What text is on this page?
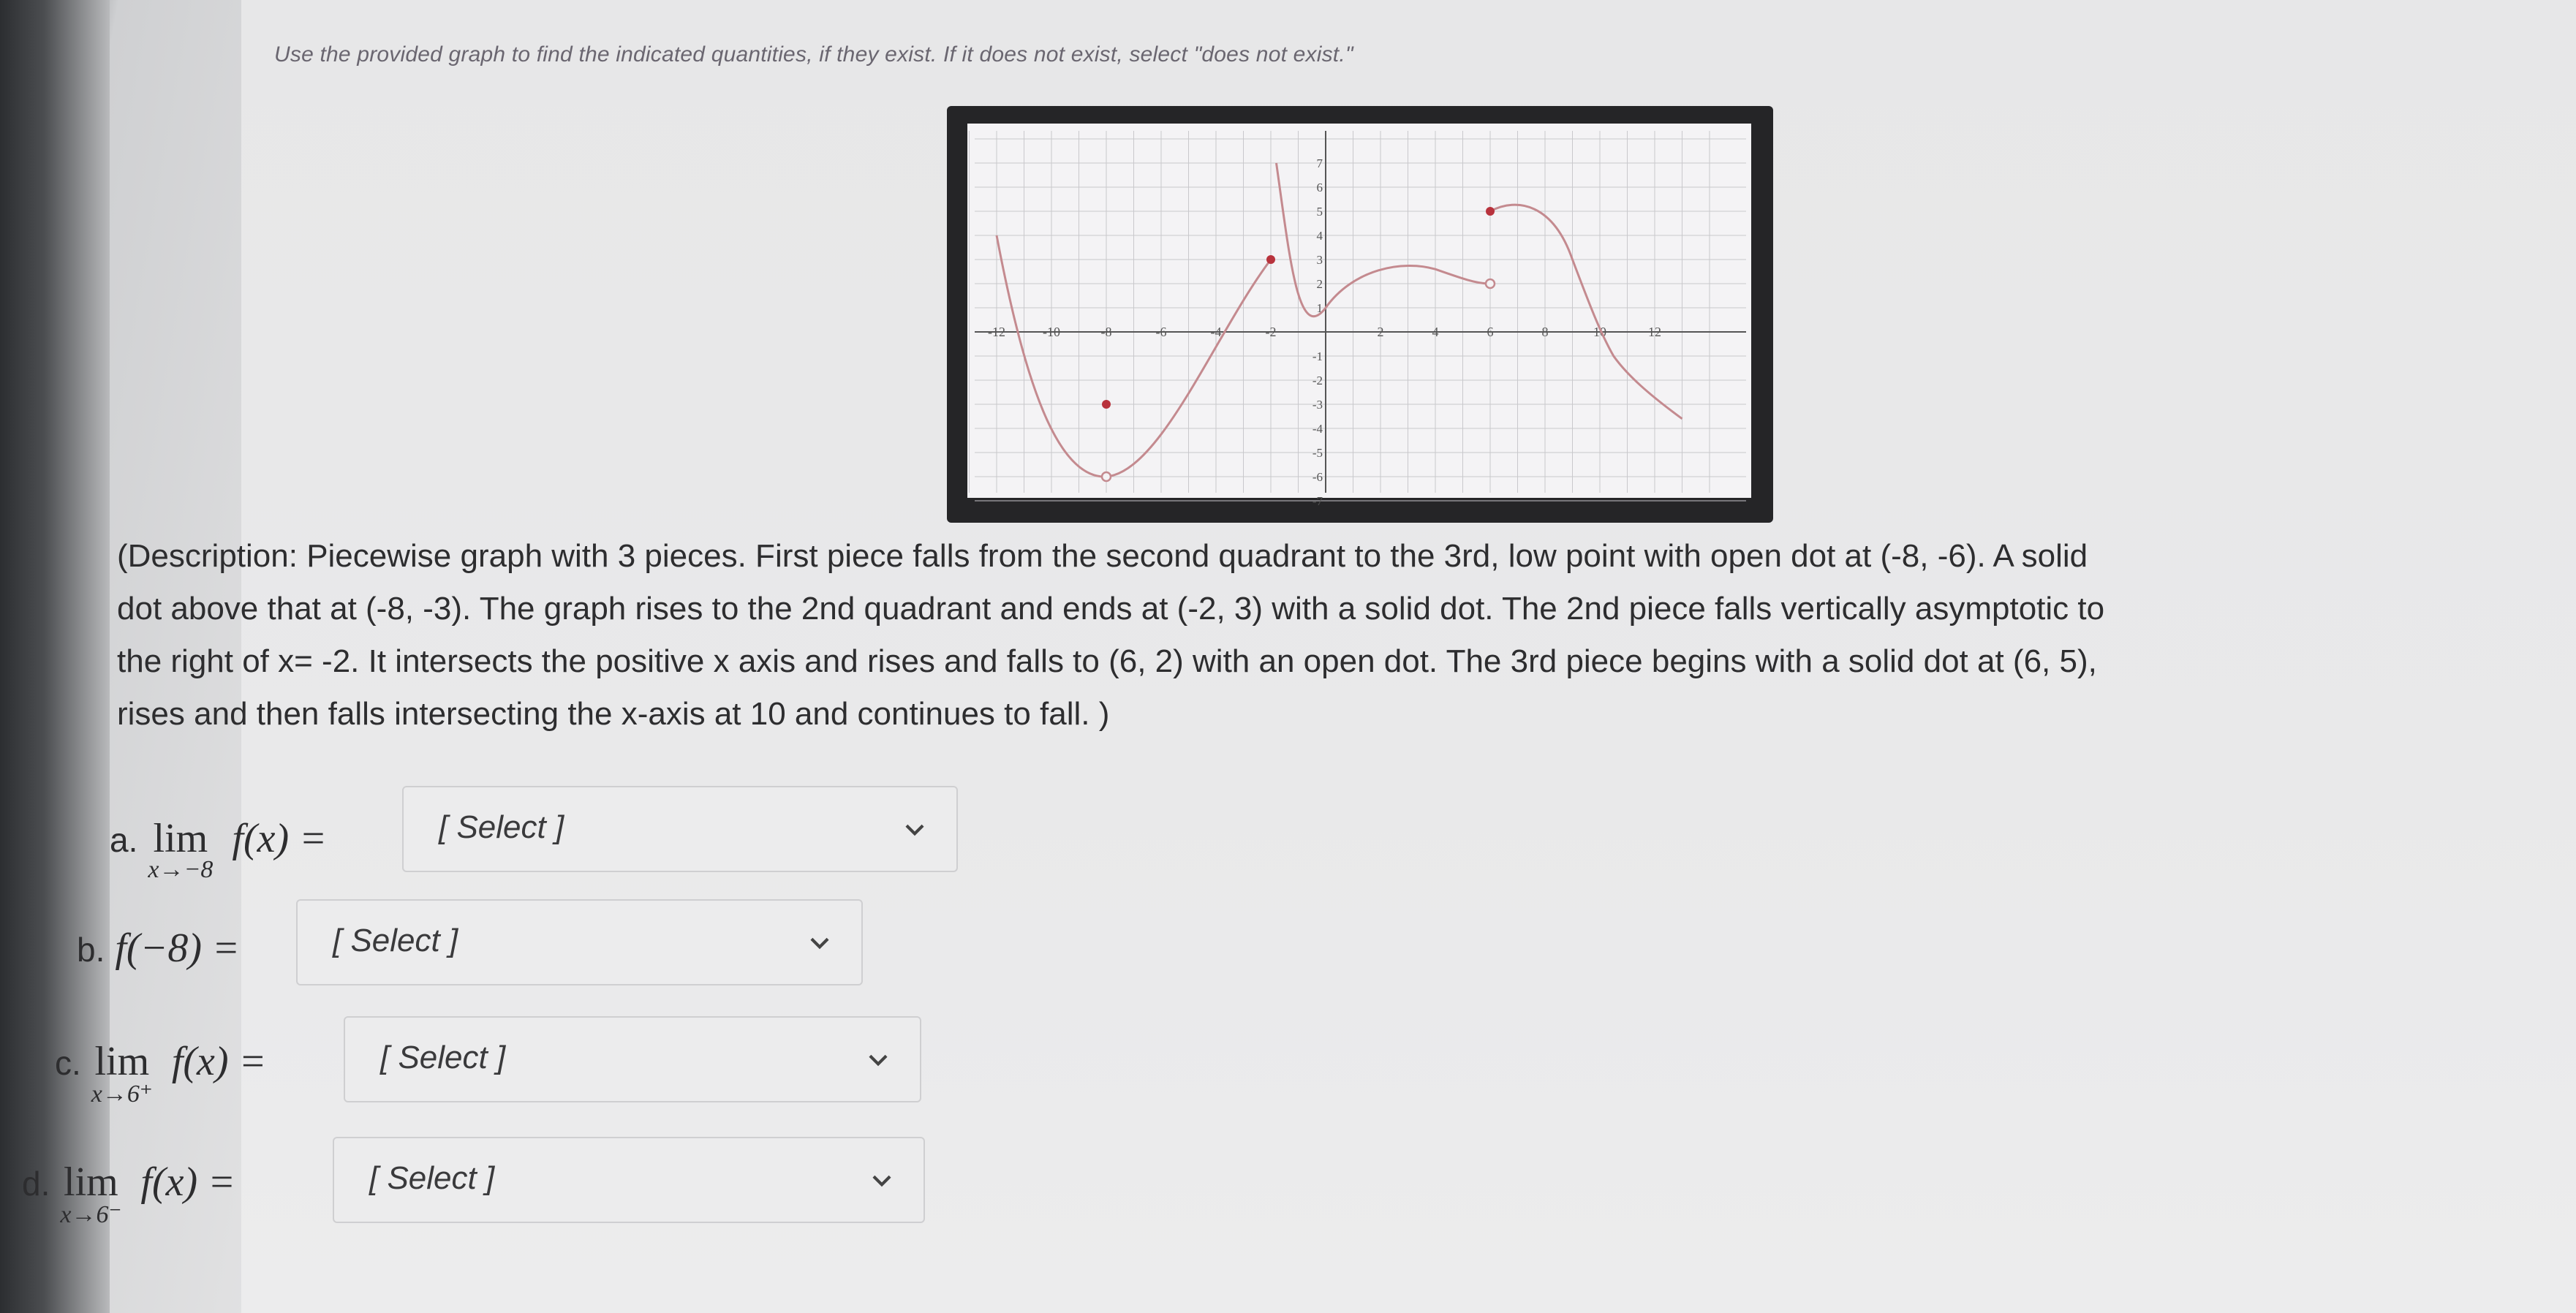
Use the provided graph to find the indicated quantities, if they exist. If it does not exist, select "does not exist."
-12	-10	-8	-6	-4	-2	2	4	6	8	10	12
7
6
5
4
3
2
1
-1
-2
-3
-4
-5
-6
-7

(Description: Piecewise graph with 3 pieces. First piece falls from the second quadrant to the 3rd, low point with open dot at (-8, -6). A solid

dot above that at (-8, -3). The graph rises to the 2nd quadrant and ends at (-2, 3) with a solid dot. The 2nd piece falls vertically asymptotic to

the right of x= -2. It intersects the positive x axis and rises and falls to (6, 2) with an open dot. The 3rd piece begins with a solid dot at (6, 5),

rises and then falls intersecting the x-axis at 10 and continues to fall. )

a. lim
x→−8
f(x) =	[ Select ]
b. f(−8) =	[ Select ]
c. lim
x→6⁺
f(x) =	[ Select ]
d. lim
x→6⁻
f(x) =	[ Select ]
